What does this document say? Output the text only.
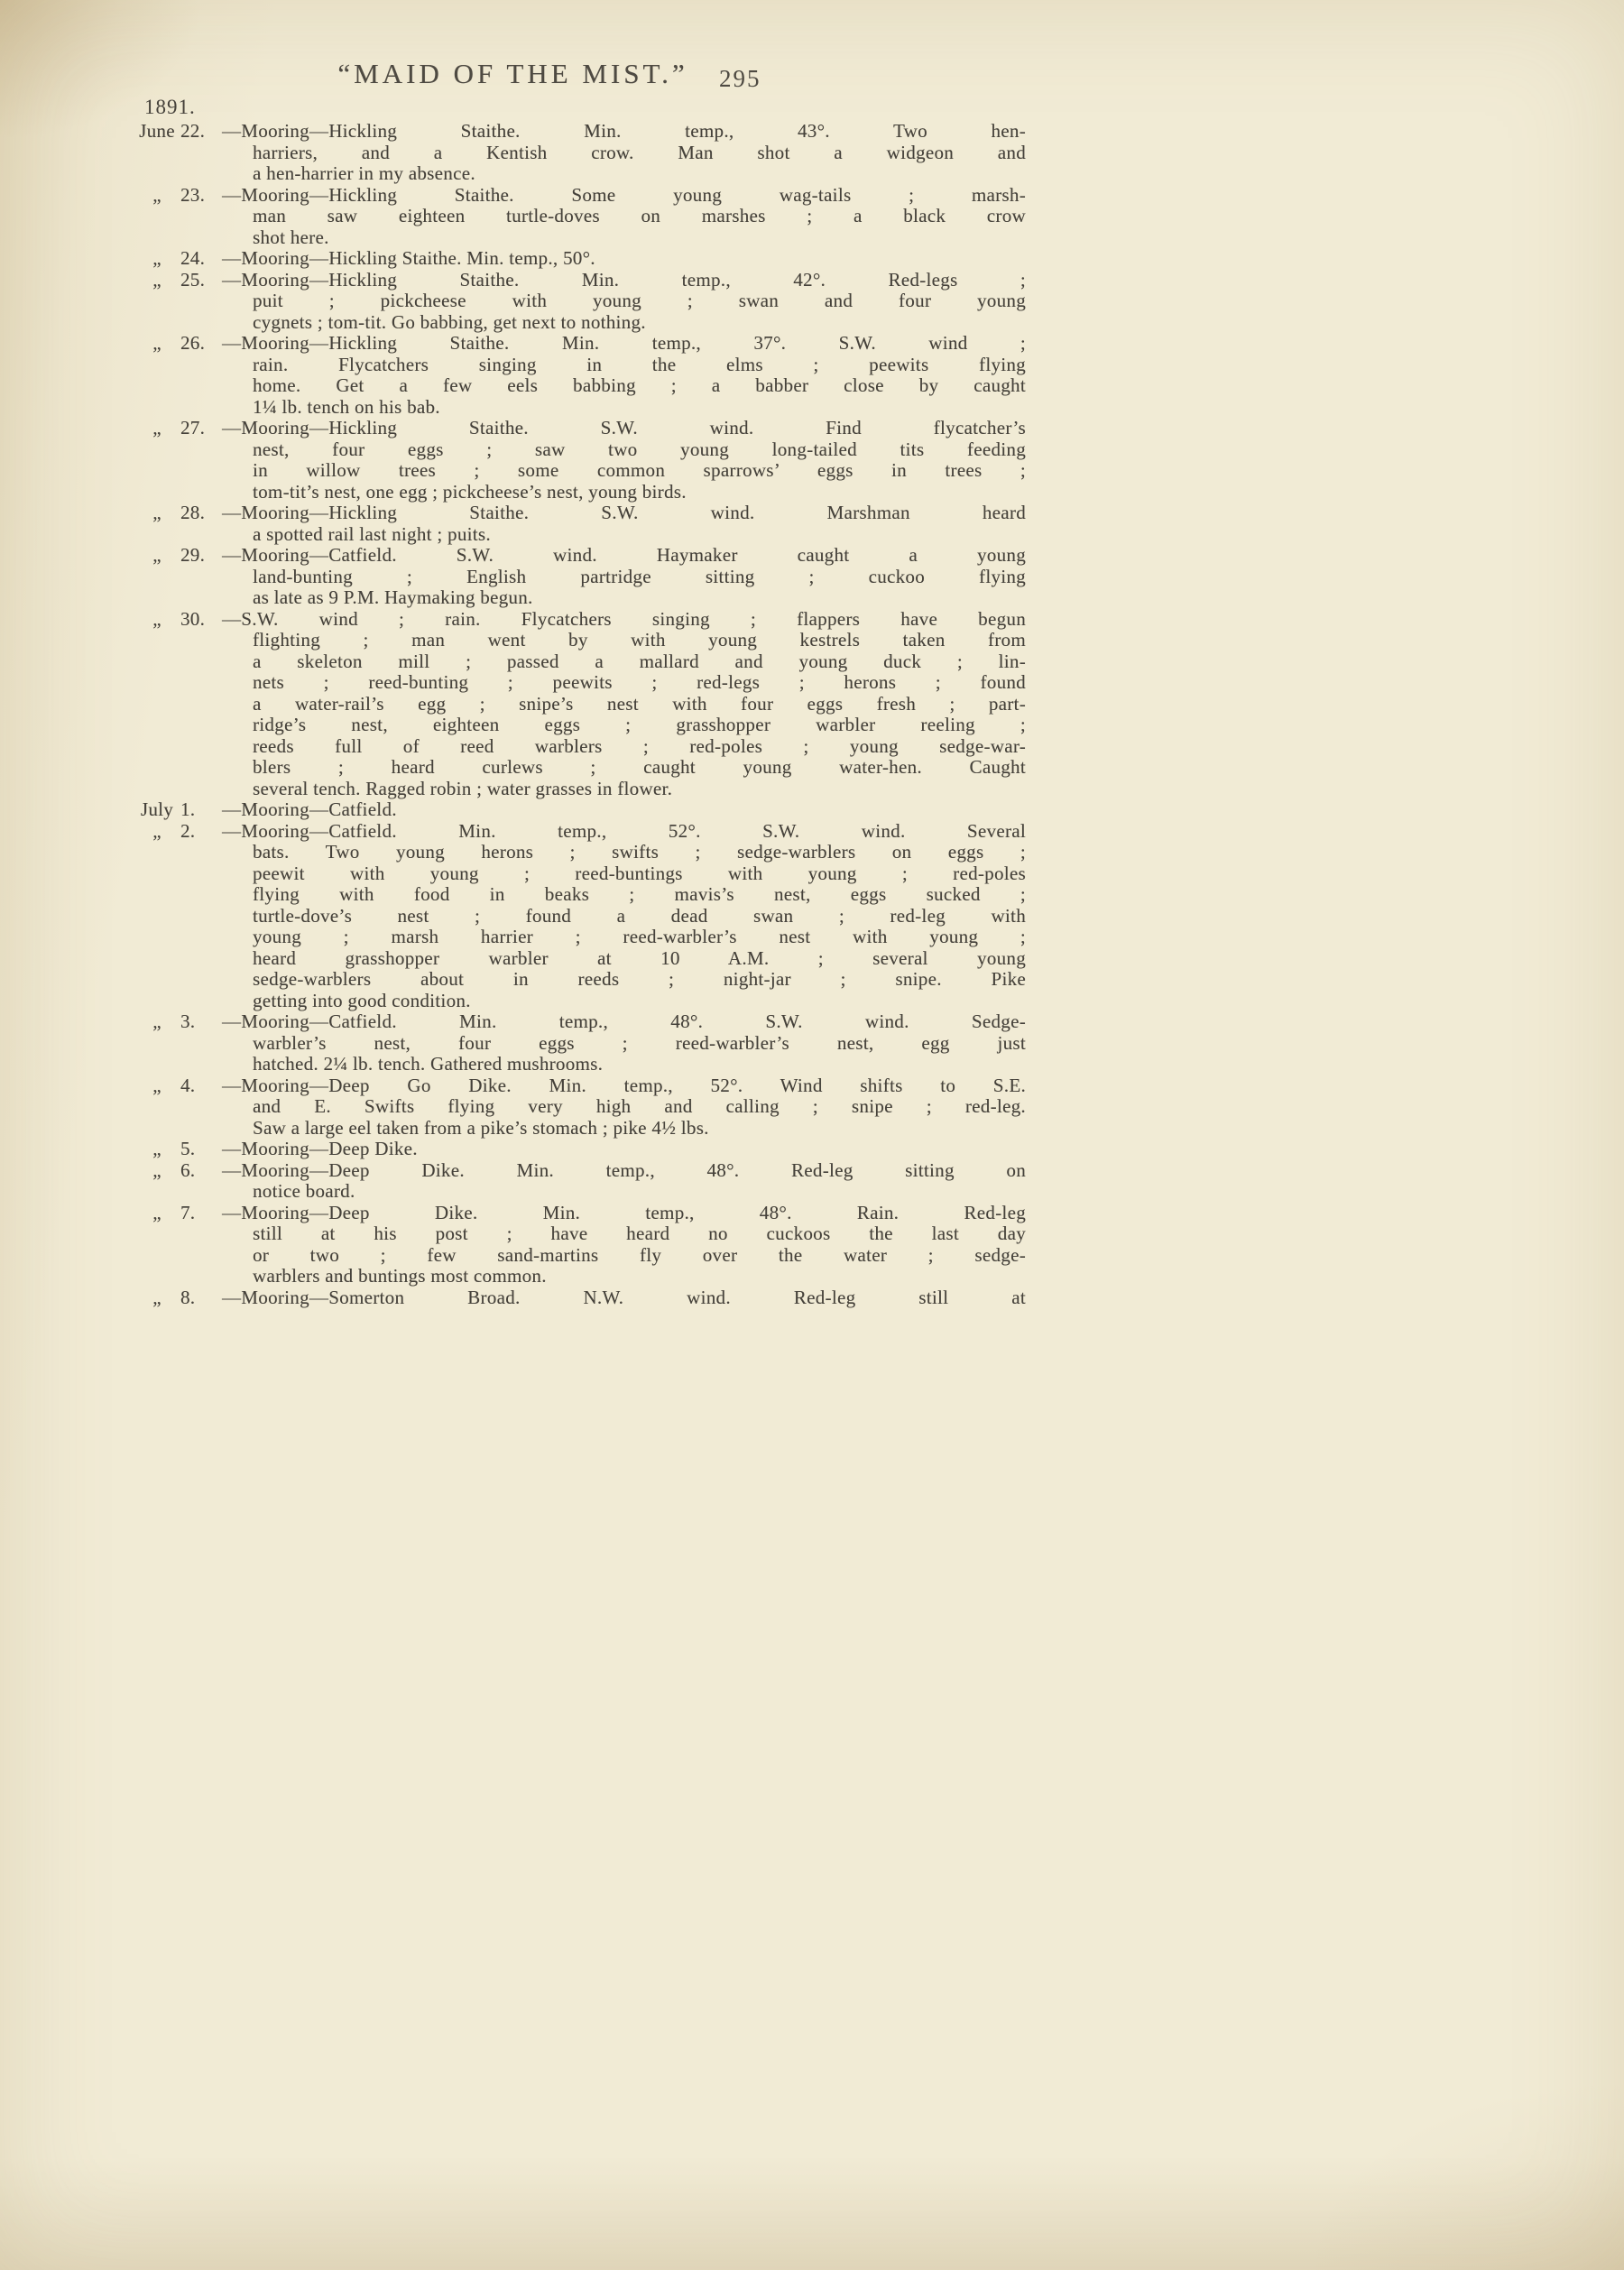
“MAID OF THE MIST.”	295
1891.
June 22. —Mooring—Hickling Staithe. Min. temp., 43°. Two hen-
harriers, and a Kentish crow. Man shot a widgeon and
a hen-harrier in my absence.
„	23. —Mooring—Hickling Staithe. Some young wag-tails ; marsh-
man saw eighteen turtle-doves on marshes ; a black crow
shot here.
„	24. —Mooring—Hickling Staithe. Min. temp., 50°.
„	25. —Mooring—Hickling Staithe. Min. temp., 42°. Red-legs ;
puit ; pickcheese with young ; swan and four young
cygnets ; tom-tit. Go babbing, get next to nothing.
„	26. —Mooring—Hickling Staithe. Min. temp., 37°. S.W. wind ;
rain. Flycatchers singing in the elms ; peewits flying
home. Get a few eels babbing ; a babber close by caught
1¼ lb. tench on his bab.
„	27. —Mooring—Hickling Staithe. S.W. wind. Find flycatcher’s
nest, four eggs ; saw two young long-tailed tits feeding
in willow trees ; some common sparrows’ eggs in trees ;
tom-tit’s nest, one egg ; pickcheese’s nest, young birds.
„	28. —Mooring—Hickling Staithe. S.W. wind. Marshman heard
a spotted rail last night ; puits.
„	29. —Mooring—Catfield. S.W. wind. Haymaker caught a young
land-bunting ; English partridge sitting ; cuckoo flying
as late as 9 P.M. Haymaking begun.
„	30. —S.W. wind ; rain. Flycatchers singing ; flappers have begun
flighting ; man went by with young kestrels taken from
a skeleton mill ; passed a mallard and young duck ; lin-
nets ; reed-bunting ; peewits ; red-legs ; herons ; found
a water-rail’s egg ; snipe’s nest with four eggs fresh ; part-
ridge’s nest, eighteen eggs ; grasshopper warbler reeling ;
reeds full of reed warblers ; red-poles ; young sedge-war-
blers ; heard curlews ; caught young water-hen. Caught
several tench. Ragged robin ; water grasses in flower.
July 1. —Mooring—Catfield.
„	2. —Mooring—Catfield. Min. temp., 52°. S.W. wind. Several
bats. Two young herons ; swifts ; sedge-warblers on eggs ;
peewit with young ; reed-buntings with young ; red-poles
flying with food in beaks ; mavis’s nest, eggs sucked ;
turtle-dove’s nest ; found a dead swan ; red-leg with
young ; marsh harrier ; reed-warbler’s nest with young ;
heard grasshopper warbler at 10 A.M. ; several young
sedge-warblers about in reeds ; night-jar ; snipe. Pike
getting into good condition.
„	3. —Mooring—Catfield. Min. temp., 48°. S.W. wind. Sedge-
warbler’s nest, four eggs ; reed-warbler’s nest, egg just
hatched. 2¼ lb. tench. Gathered mushrooms.
„	4. —Mooring—Deep Go Dike. Min. temp., 52°. Wind shifts to S.E.
and E. Swifts flying very high and calling ; snipe ; red-leg.
Saw a large eel taken from a pike’s stomach ; pike 4½ lbs.
„	5. —Mooring—Deep Dike.
„	6. —Mooring—Deep Dike. Min. temp., 48°. Red-leg sitting on
notice board.
„	7. —Mooring—Deep Dike. Min. temp., 48°. Rain. Red-leg
still at his post ; have heard no cuckoos the last day
or two ; few sand-martins fly over the water ; sedge-
warblers and buntings most common.
„	8. —Mooring—Somerton Broad. N.W. wind. Red-leg still at
